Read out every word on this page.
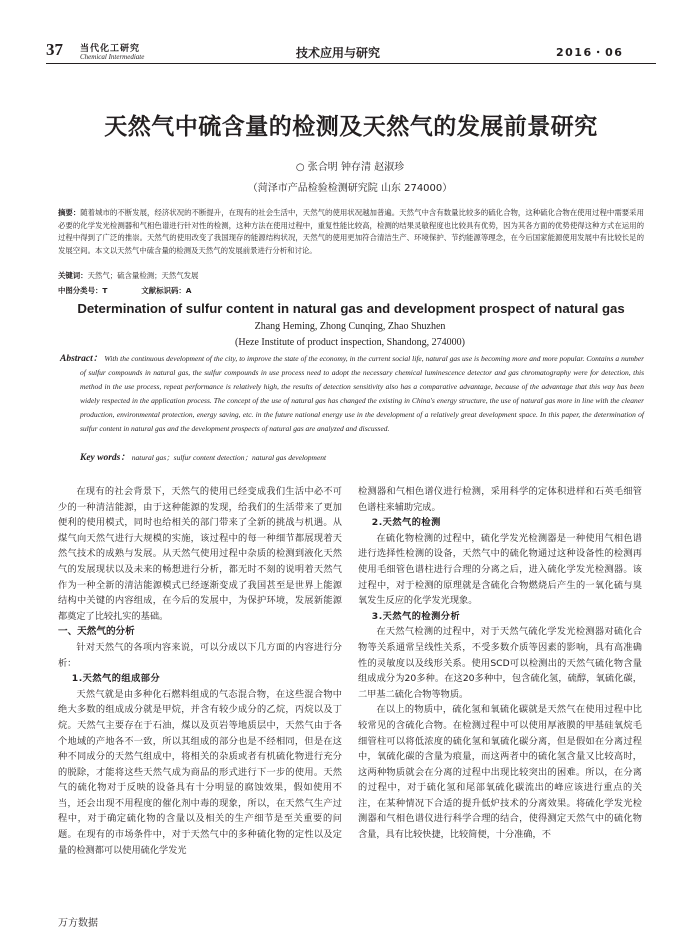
37 当代化工研究
Chemical Intermediate	技术应用与研究	2016・06
天然气中硫含量的检测及天然气的发展前景研究
○ 张合明 钟存清 赵淑珍
（菏泽市产品检验检测研究院 山东 274000）
摘要：随着城市的不断发展，经济状况的不断提升，在现有的社会生活中，天然气的使用状况越加普遍。天然气中含有数量比较多的硫化合物，这种硫化合物在使用过程中需要采用必要的化学发光检测器和气相色谱进行针对性的检测，这种方法在使用过程中，重复性能比较高，检测的结果灵敏程度也比较具有优势，因为其各方面的优势使得这种方式在运用的过程中得到了广泛的推崇。天然气的使用改变了我国现存的能源结构状况，天然气的使用更加符合清洁生产、环境保护、节约能源等理念，在今后国家能源使用发展中有比较长足的发展空间。本文以天然气中硫含量的检测及天然气的发展前景进行分析和讨论。
关键词：天然气；硫含量检测；天然气发展
中图分类号：T	文献标识码：A
Determination of sulfur content in natural gas and development prospect of natural gas
Zhang Heming, Zhong Cunqing, Zhao Shuzhen
(Heze Institute of product inspection, Shandong, 274000)
Abstract： With the continuous development of the city, to improve the state of the economy, in the current social life, natural gas use is becoming more and more popular. Contains a number of sulfur compounds in natural gas, the sulfur compounds in use process need to adopt the necessary chemical luminescence detector and gas chromatography were for detection, this method in the use process, repeat performance is relatively high, the results of detection sensitivity also has a comparative advantage, because of the advantage that this way has been widely respected in the application process. The concept of the use of natural gas has changed the existing in China's energy structure, the use of natural gas more in line with the cleaner production, environmental protection, energy saving, etc. in the future national energy use in the development of a relatively great development space. In this paper, the determination of sulfur content in natural gas and the development prospects of natural gas are analyzed and discussed.
Key words： natural gas；sulfur content detection；natural gas development

在现有的社会背景下，天然气的使用已经变成我们生活中必不可少的一种清洁能源，由于这种能源的发现，给我们的生活带来了更加便利的使用模式，同时也给相关的部门带来了全新的挑战与机遇。从煤气向天然气进行大规模的实施，该过程中的每一种细节都展现着天然气技术的成熟与发展。从天然气使用过程中杂质的检测到液化天然气的发展现状以及未来的畅想进行分析，都无时不刻的说明着天然气作为一种全新的清洁能源模式已经逐渐变成了我国甚至是世界上能源结构中关键的内容组成，在今后的发展中，为保护环境，发展新能源都奠定了比较扎实的基础。

一、天然气的分析

针对天然气的各项内容来说，可以分成以下几方面的内容进行分析：

1.天然气的组成部分

天然气就是由多种化石燃料组成的气态混合物，在这些混合物中绝大多数的组成成分就是甲烷，并含有较少成分的乙烷，丙烷以及丁烷。天然气主要存在于石油，煤以及页岩等地质层中，天然气由于各个地域的产地各不一致，所以其组成的部分也是不经相同，但是在这种不同成分的天然气组成中，将相关的杂质或者有机硫化物进行充分的脱除，才能将这些天然气成为商品的形式进行下一步的使用。天然气的硫化物对于反映的设备具有十分明显的腐蚀效果，假如使用不当，还会出现不用程度的催化剂中毒的现象，所以，在天然气生产过程中，对于确定硫化物的含量以及相关的生产细节是至关重要的问题。在现有的市场条件中，对于天然气中的多种硫化物的定性以及定量的检测都可以使用硫化学发光

检测器和气相色谱仪进行检测，采用科学的定体积进样和石英毛细管色谱柱来辅助完成。

2.天然气的检测

在硫化物检测的过程中，硫化学发光检测器是一种使用气相色谱进行选择性检测的设备，天然气中的硫化物通过这种设备性的检测再使用毛细管色谱柱进行合理的分离之后，进入硫化学发光检测器。该过程中，对于检测的原理就是含硫化合物燃烧后产生的一氧化硫与臭氧发生反应的化学发光现象。

3.天然气的检测分析

在天然气检测的过程中，对于天然气硫化学发光检测器对硫化合物等关系通常呈线性关系，不受多数介质等因素的影响，具有高准确性的灵敏度以及线形关系。使用SCD可以检测出的天然气硫化物含量组成成分为20多种。在这20多种中，包含硫化氢，硫醇，氧硫化碳，二甲基二硫化合物等物质。

在以上的物质中，硫化氢和氧硫化碳就是天然气在使用过程中比较常见的含硫化合物。在检测过程中可以使用厚液膜的甲基硅氧烷毛细管柱可以将低浓度的硫化氢和氧硫化碳分离，但是假如在分离过程中，氧硫化碳的含量为痕量，而这两者中的硫化氢含量又比较高时，这两种物质就会在分离的过程中出现比较突出的困难。所以，在分离的过程中，对于硫化氢和尾部氧硫化碳流出的峰应该进行重点的关注，在某种情况下合适的提升低炉技术的分离效果。将硫化学发光检测器和气相色谱仪进行科学合理的结合，使得测定天然气中的硫化物含量，具有比较快捷，比较简便，十分准确，不

万方数据
